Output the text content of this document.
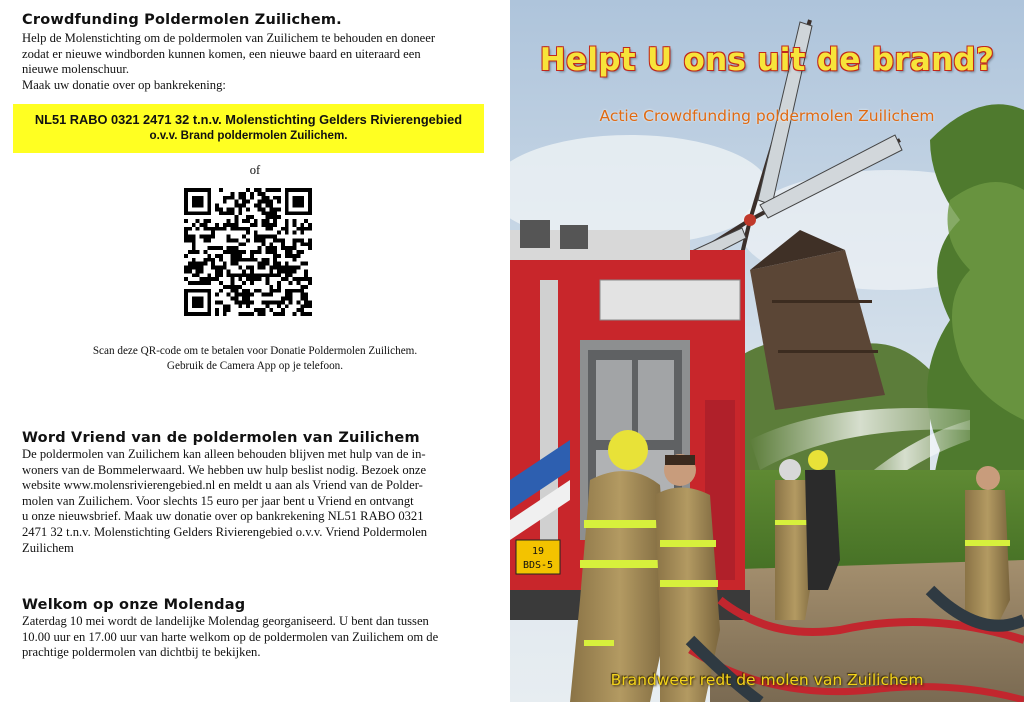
Crowdfunding Poldermolen Zuilichem.
Help de Molenstichting om de poldermolen van Zuilichem te behouden en doneer
zodat er nieuwe windborden kunnen komen, een nieuwe baard en uiteraard een
nieuwe molenschuur.
Maak uw donatie over op bankrekening:
NL51 RABO 0321 2471 32 t.n.v. Molenstichting Gelders Rivierengebied
o.v.v. Brand poldermolen Zuilichem.
of
Scan deze QR-code om te betalen voor Donatie Poldermolen Zuilichem.
Gebruik de Camera App op je telefoon.
Word Vriend van de poldermolen van Zuilichem
De poldermolen van Zuilichem kan alleen behouden blijven met hulp van de in-
woners van de Bommelerwaard. We hebben uw hulp beslist nodig. Bezoek onze
website www.molensrivierengebied.nl en meldt u aan als Vriend van de Polder-
molen van Zuilichem. Voor slechts 15 euro per jaar bent u Vriend en ontvangt
u onze nieuwsbrief. Maak uw donatie over op bankrekening NL51 RABO 0321
2471 32 t.n.v. Molenstichting Gelders Rivierengebied o.v.v. Vriend Poldermolen
Zuilichem
Welkom op onze Molendag
Zaterdag 10 mei wordt de landelijke Molendag georganiseerd. U bent dan tussen
10.00 uur en 17.00 uur van harte welkom op de poldermolen van Zuilichem om de
prachtige poldermolen van dichtbij te bekijken.
19
BDS-5
Helpt U ons uit de brand?
Actie Crowdfunding poldermolen Zuilichem
Brandweer redt de molen van Zuilichem
